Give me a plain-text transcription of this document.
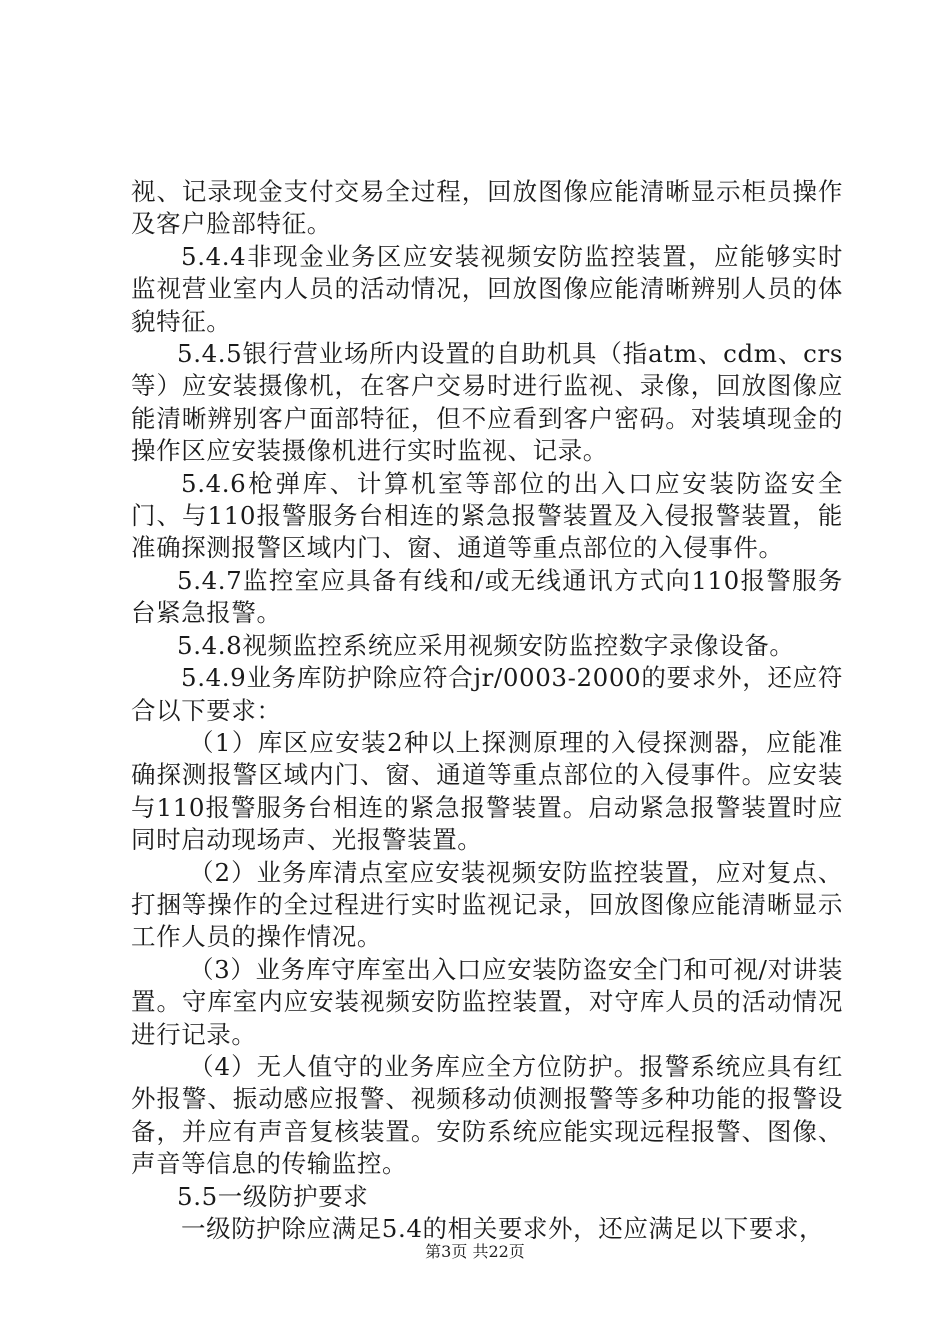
视、记录现金支付交易全过程，回放图像应能清晰显示柜员操作及客户脸部特征。

5.4.4非现金业务区应安装视频安防监控装置，应能够实时监视营业室内人员的活动情况，回放图像应能清晰辨别人员的体貌特征。

5.4.5银行营业场所内设置的自助机具（指atm、cdm、crs等）应安装摄像机，在客户交易时进行监视、录像，回放图像应能清晰辨别客户面部特征，但不应看到客户密码。对装填现金的操作区应安装摄像机进行实时监视、记录。

5.4.6枪弹库、计算机室等部位的出入口应安装防盗安全门、与110报警服务台相连的紧急报警装置及入侵报警装置，能准确探测报警区域内门、窗、通道等重点部位的入侵事件。

5.4.7监控室应具备有线和/或无线通讯方式向110报警服务台紧急报警。

5.4.8视频监控系统应采用视频安防监控数字录像设备。

5.4.9业务库防护除应符合jr/0003-2000的要求外，还应符合以下要求：

（1）库区应安装2种以上探测原理的入侵探测器，应能准确探测报警区域内门、窗、通道等重点部位的入侵事件。应安装与110报警服务台相连的紧急报警装置。启动紧急报警装置时应同时启动现场声、光报警装置。

（2）业务库清点室应安装视频安防监控装置，应对复点、打捆等操作的全过程进行实时监视记录，回放图像应能清晰显示工作人员的操作情况。

（3）业务库守库室出入口应安装防盗安全门和可视/对讲装置。守库室内应安装视频安防监控装置，对守库人员的活动情况进行记录。

（4）无人值守的业务库应全方位防护。报警系统应具有红外报警、振动感应报警、视频移动侦测报警等多种功能的报警设备，并应有声音复核装置。安防系统应能实现远程报警、图像、声音等信息的传输监控。

5.5一级防护要求

一级防护除应满足5.4的相关要求外，还应满足以下要求，

第3页 共22页
